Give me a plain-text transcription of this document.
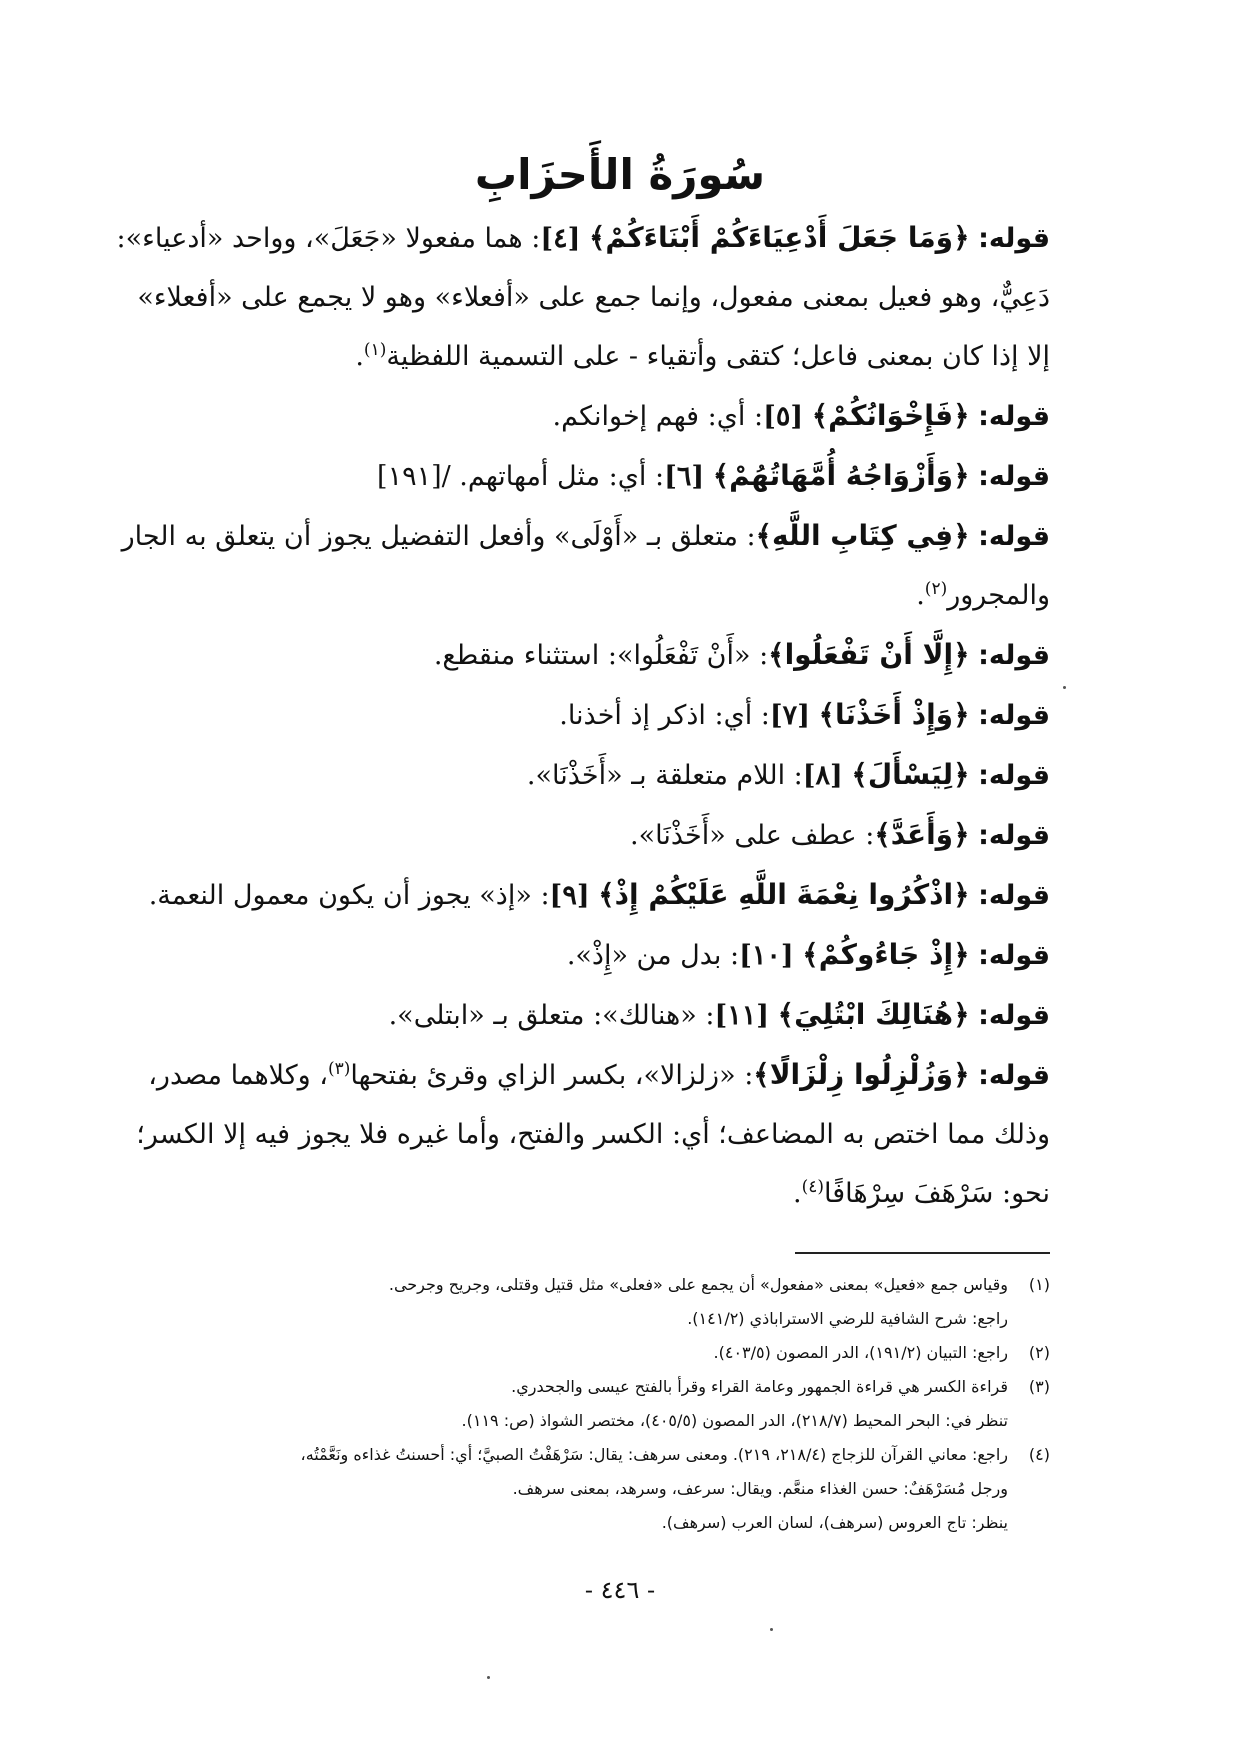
سُورَةُ الأَحزَابِ

قوله: ﴿وَمَا جَعَلَ أَدْعِيَاءَكُمْ أَبْنَاءَكُمْ﴾ [٤]: هما مفعولا «جَعَلَ»، وواحد «أدعياء»:

دَعِيٌّ، وهو فعيل بمعنى مفعول، وإنما جمع على «أفعلاء» وهو لا يجمع على «أفعلاء»

إلا إذا كان بمعنى فاعل؛ كتقى وأتقياء - على التسمية اللفظية$^{(١)}$.

قوله: ﴿فَإِخْوَانُكُمْ﴾ [٥]: أي: فهم إخوانكم.

قوله: ﴿وَأَزْوَاجُهُ أُمَّهَاتُهُمْ﴾ [٦]: أي: مثل أمهاتهم. /[١٩١]

قوله: ﴿فِي كِتَابِ اللَّهِ﴾: متعلق بـ «أَوْلَى» وأفعل التفضيل يجوز أن يتعلق به الجار

والمجرور$^{(٢)}$.

قوله: ﴿إِلَّا أَنْ تَفْعَلُوا﴾: «أَنْ تَفْعَلُوا»: استثناء منقطع.

قوله: ﴿وَإِذْ أَخَذْنَا﴾ [٧]: أي: اذكر إذ أخذنا.

قوله: ﴿لِيَسْأَلَ﴾ [٨]: اللام متعلقة بـ «أَخَذْنَا».

قوله: ﴿وَأَعَدَّ﴾: عطف على «أَخَذْنَا».

قوله: ﴿اذْكُرُوا نِعْمَةَ اللَّهِ عَلَيْكُمْ إِذْ﴾ [٩]: «إذ» يجوز أن يكون معمول النعمة.

قوله: ﴿إِذْ جَاءُوكُمْ﴾ [١٠]: بدل من «إِذْ».

قوله: ﴿هُنَالِكَ ابْتُلِيَ﴾ [١١]: «هنالك»: متعلق بـ «ابتلى».

قوله: ﴿وَزُلْزِلُوا زِلْزَالًا﴾: «زلزالا»، بكسر الزاي وقرئ بفتحها$^{(٣)}$، وكلاهما مصدر،

وذلك مما اختص به المضاعف؛ أي: الكسر والفتح، وأما غيره فلا يجوز فيه إلا الكسر؛

نحو: سَرْهَفَ سِرْهَافًا$^{(٤)}$.

(١)وقياس جمع «فعيل» بمعنى «مفعول» أن يجمع على «فعلى» مثل قتيل وقتلى، وجريح وجرحى.

راجع: شرح الشافية للرضي الاستراباذي (١٤١/٢).

(٢)راجع: التبيان (١٩١/٢)، الدر المصون (٤٠٣/٥).

(٣)قراءة الكسر هي قراءة الجمهور وعامة القراء وقرأ بالفتح عيسى والجحدري.

تنظر في: البحر المحيط (٢١٨/٧)، الدر المصون (٤٠٥/٥)، مختصر الشواذ (ص: ١١٩).

(٤)راجع: معاني القرآن للزجاج (٢١٨/٤، ٢١٩). ومعنى سرهف: يقال: سَرْهَفْتُ الصبيَّ؛ أي: أحسنتُ غذاءه ونَعَّمْتُه،

ورجل مُسَرْهَفٌ: حسن الغذاء منعَّم. ويقال: سرعف، وسرهد، بمعنى سرهف.

ينظر: تاج العروس (سرهف)، لسان العرب (سرهف).

- ٤٤٦ -
